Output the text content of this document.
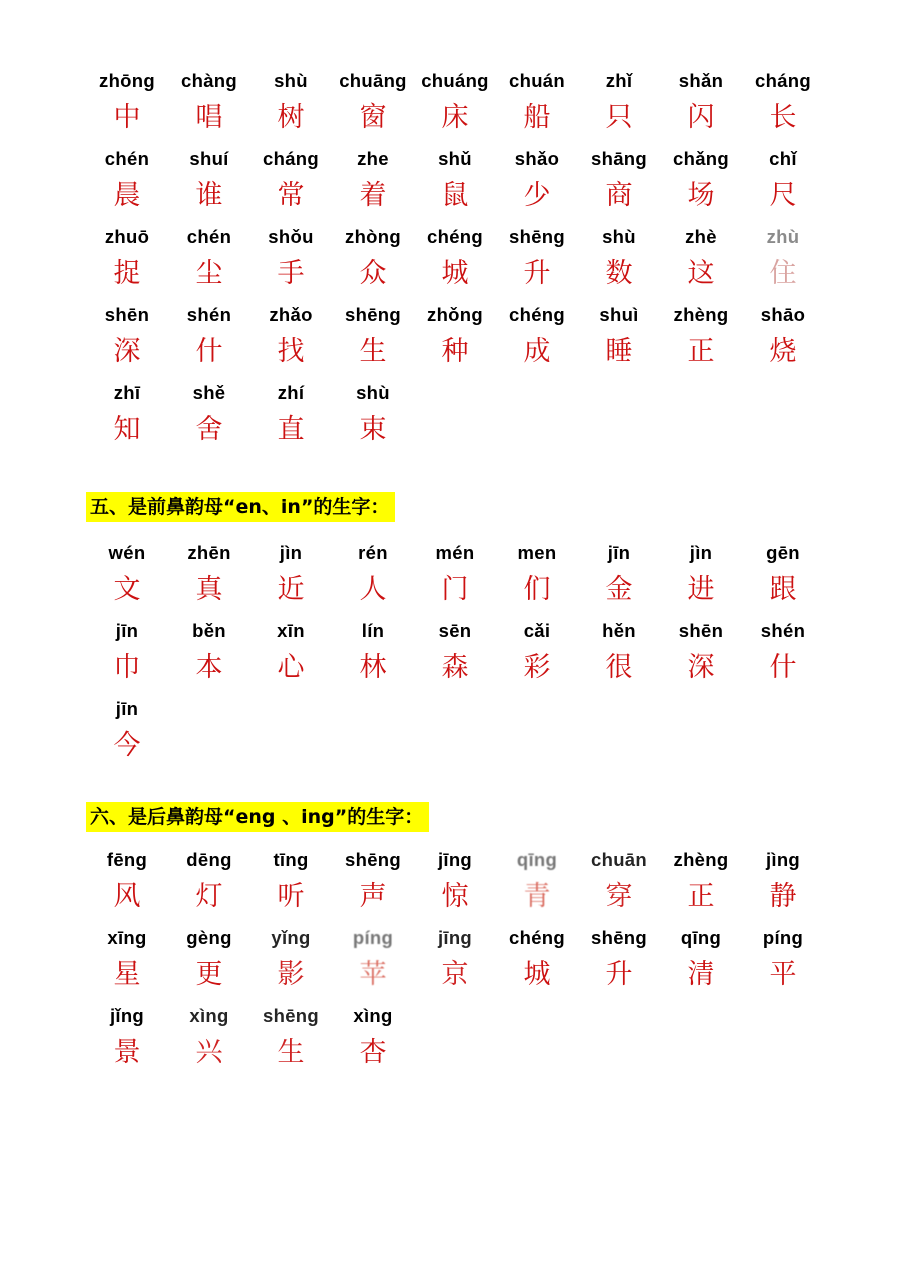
zhōng
中
chàng
唱
shù
树
chuāng
窗
chuáng
床
chuán
船
zhǐ
只
shǎn
闪
cháng
长
chén
晨
shuí
谁
cháng
常
zhe
着
shǔ
鼠
shǎo
少
shāng
商
chǎng
场
chǐ
尺
zhuō
捉
chén
尘
shǒu
手
zhòng
众
chéng
城
shēng
升
shù
数
zhè
这
zhù
住
shēn
深
shén
什
zhǎo
找
shēng
生
zhǒng
种
chéng
成
shuì
睡
zhèng
正
shāo
烧
zhī
知
shě
舍
zhí
直
shù
束
五、是前鼻韵母“en、in”的生字：
wén
文
zhēn
真
jìn
近
rén
人
mén
门
men
们
jīn
金
jìn
进
gēn
跟
jīn
巾
běn
本
xīn
心
lín
林
sēn
森
cǎi
彩
hěn
很
shēn
深
shén
什
jīn
今
六、是后鼻韵母“eng 、ing”的生字：
fēng
风
dēng
灯
tīng
听
shēng
声
jīng
惊
qīng
青
chuān
穿
zhèng
正
jìng
静
xīng
星
gèng
更
yǐng
影
píng
苹
jīng
京
chéng
城
shēng
升
qīng
清
píng
平
jǐng
景
xìng
兴
shēng
生
xìng
杏
